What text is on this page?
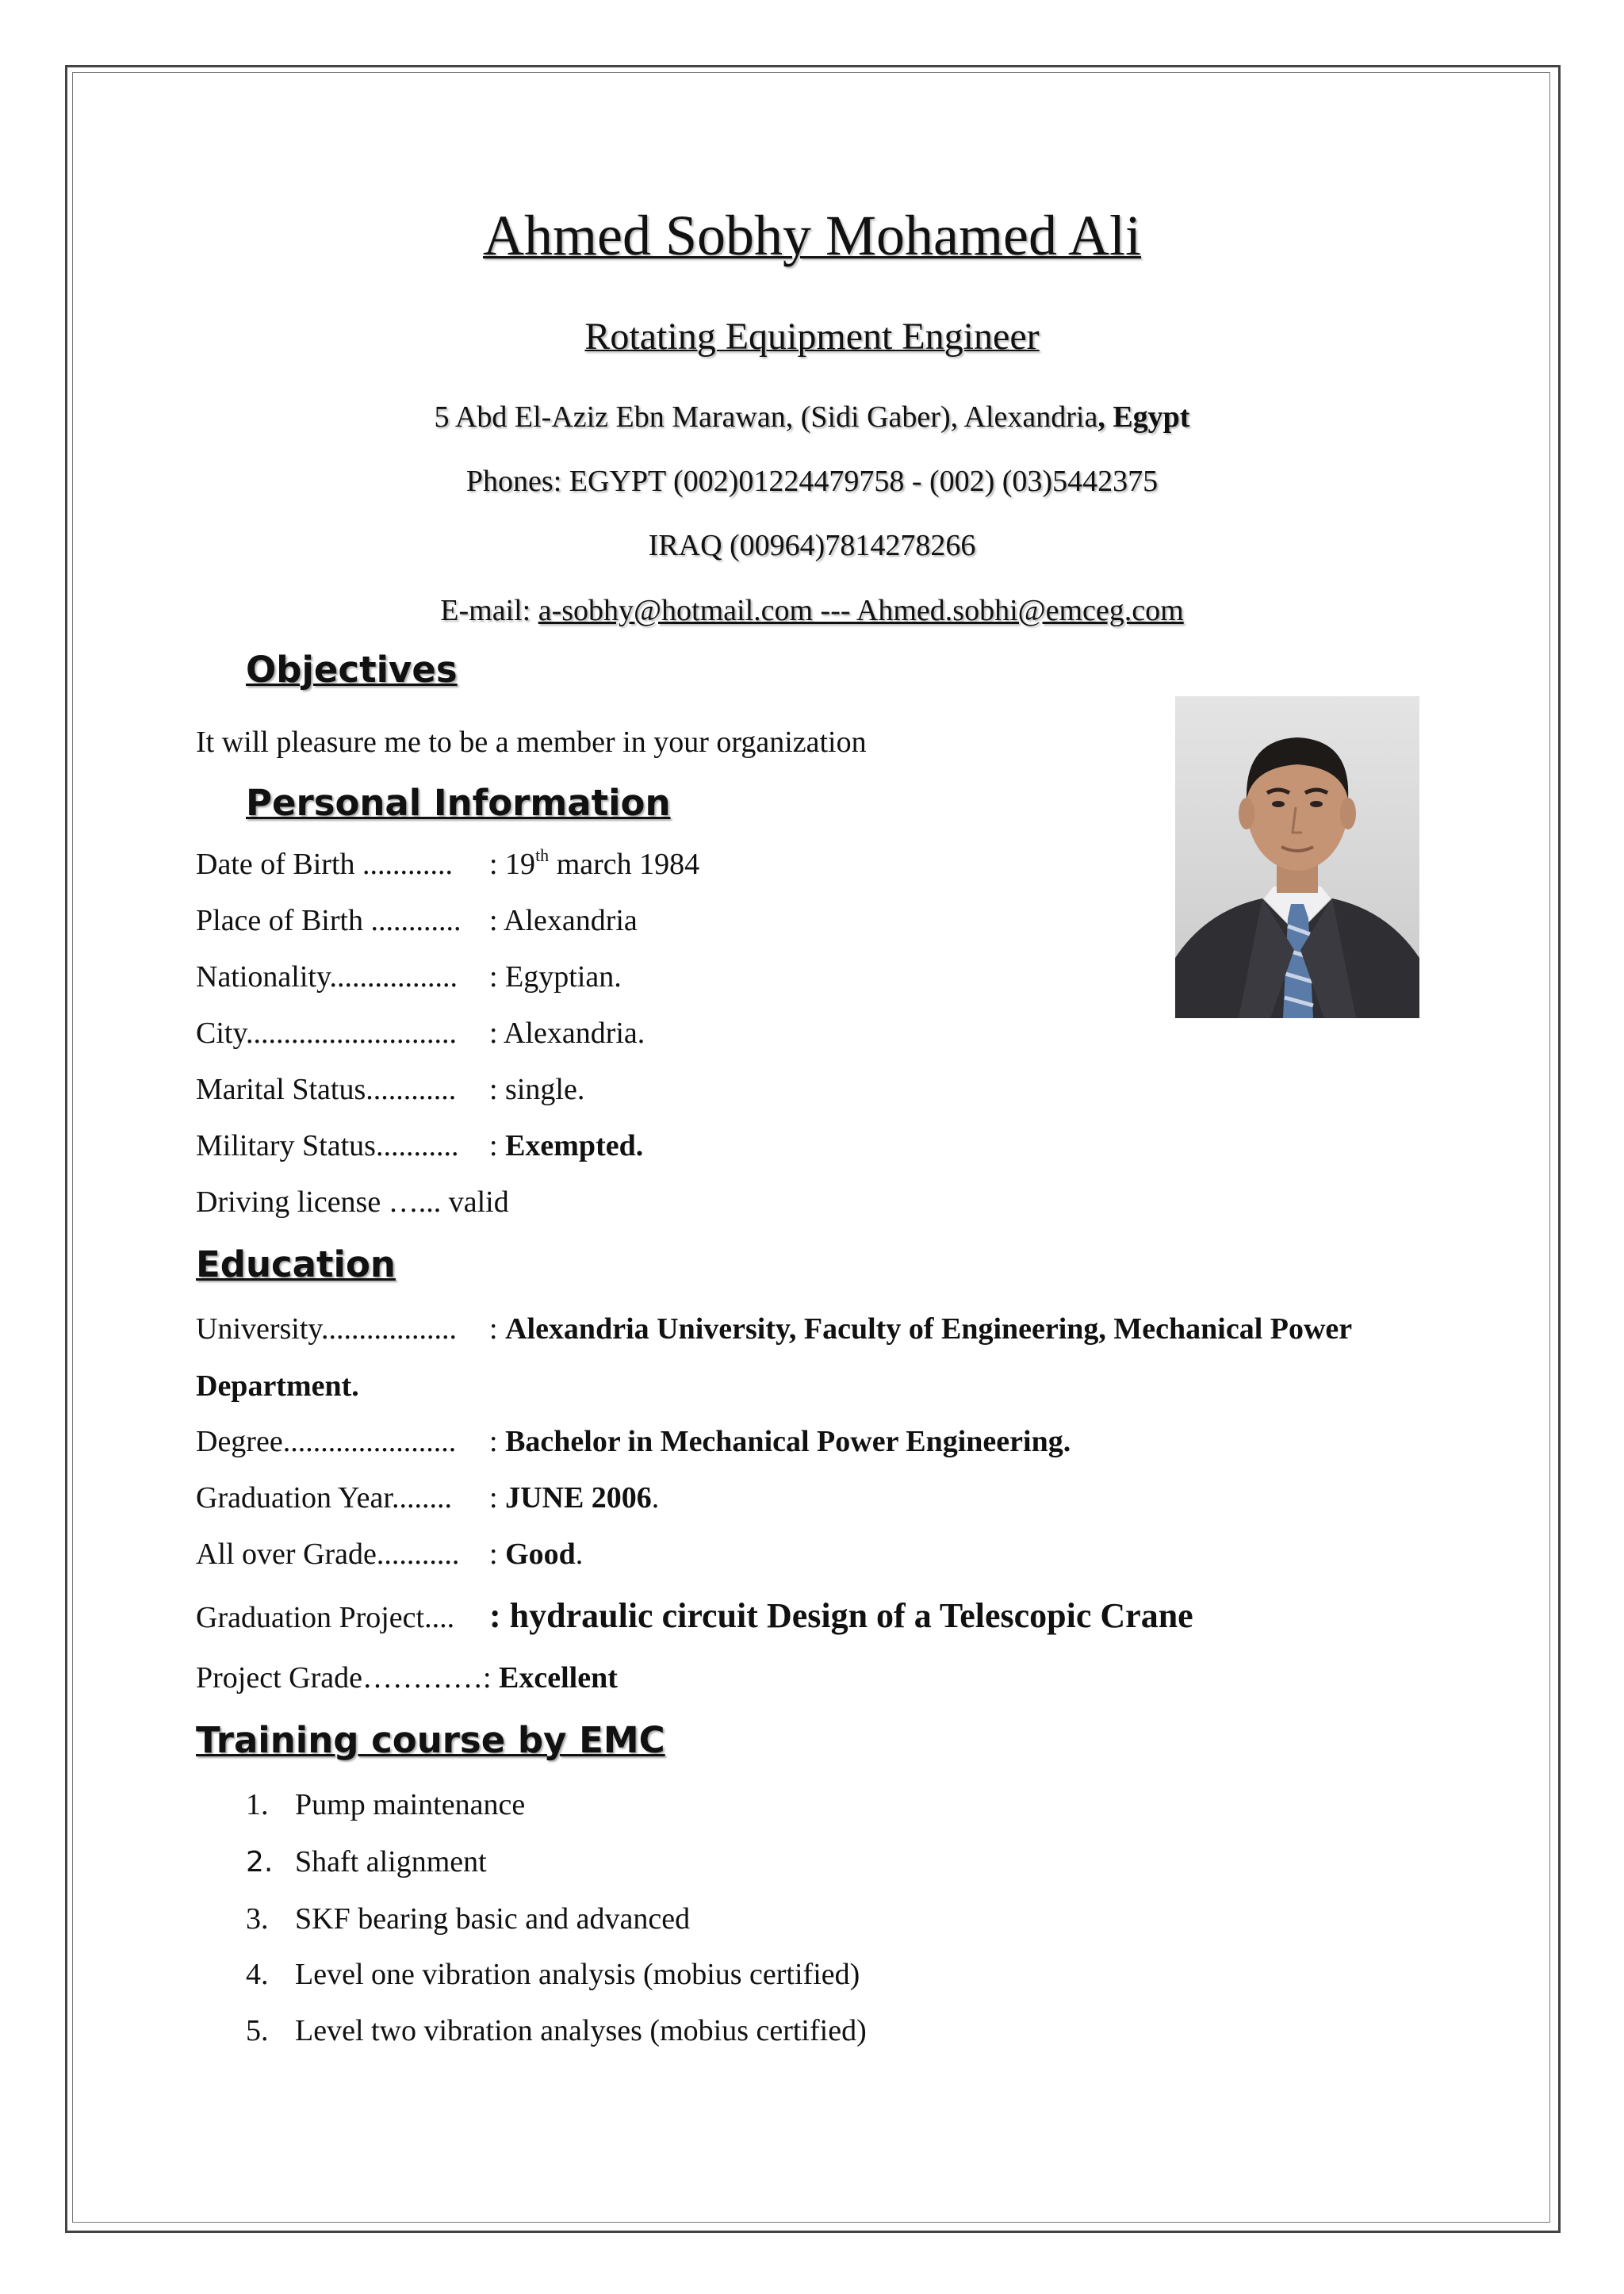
Ahmed Sobhy Mohamed Ali
Rotating Equipment Engineer
5 Abd El-Aziz Ebn Marawan, (Sidi Gaber), Alexandria, Egypt
Phones: EGYPT (002)01224479758 - (002) (03)5442375
IRAQ (00964)7814278266
E-mail: a-sobhy@hotmail.com --- Ahmed.sobhi@emceg.com
Objectives
It will pleasure me to be a member in your organization
Personal Information
Date of Birth ............ : 19th march 1984
Place of Birth ............ : Alexandria
Nationality................. : Egyptian.
City............................ : Alexandria.
Marital Status............ : single.
Military Status........... : Exempted.
Driving license …... valid
Education
University.................. : Alexandria University, Faculty of Engineering, Mechanical Power
Department.
Degree....................... : Bachelor in Mechanical Power Engineering.
Graduation Year........ : JUNE 2006.
All over Grade........... : Good.
Graduation Project.... : hydraulic circuit Design of a Telescopic Crane
Project Grade…………: Excellent
Training course by EMC
1. Pump maintenance
2. Shaft alignment
3. SKF bearing basic and advanced
4. Level one vibration analysis (mobius certified)
5. Level two vibration analyses (mobius certified)
